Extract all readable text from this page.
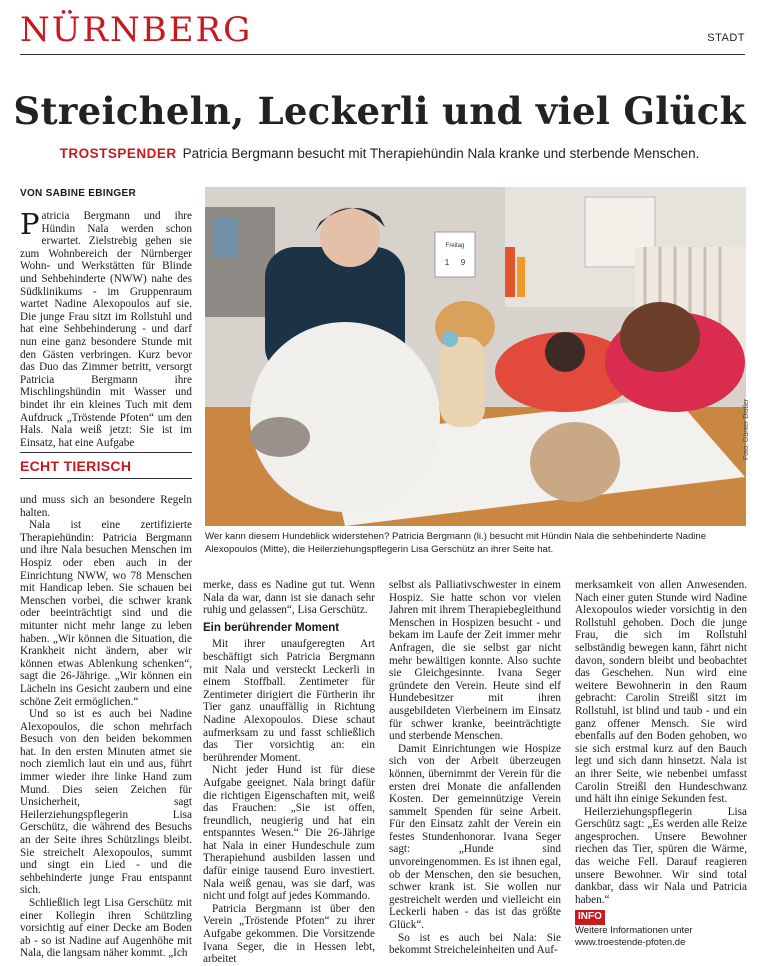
NÜRNBERG	STADT
Streicheln, Leckerli und viel Glück
TROSTSPENDER Patricia Bergmann besucht mit Therapiehündin Nala kranke und sterbende Menschen.
VON SABINE EBINGER

Patricia Bergmann und ihre Hündin Nala werden schon erwartet. Zielstrebig gehen sie zum Wohnbereich der Nürnberger Wohn- und Werkstätten für Blinde und Sehbehinderte (NWW) nahe des Südklinikums - im Gruppenraum wartet Nadine Alexopoulos auf sie. Die junge Frau sitzt im Rollstuhl und hat eine Sehbehinderung - und darf nun eine ganz besondere Stunde mit den Gästen verbringen. Kurz bevor das Duo das Zimmer betritt, versorgt Patricia Bergmann ihre Mischlingshündin mit Wasser und bindet ihr ein kleines Tuch mit dem Aufdruck „Tröstende Pfoten“ um den Hals. Nala weiß jetzt: Sie ist im Einsatz, hat eine Aufgabe

Freitag
1 9
Foto: Günter Distler
Wer kann diesem Hundeblick widerstehen? Patricia Bergmann (li.) besucht mit Hündin Nala die sehbehinderte Nadine Alexopoulos (Mitte), die Heilerziehungspflegerin Lisa Gerschütz an ihrer Seite hat.
ECHT TIERISCH

und muss sich an besondere Regeln halten.

Nala ist eine zertifizierte Therapiehündin: Patricia Bergmann und ihre Nala besuchen Menschen im Hospiz oder eben auch in der Einrichtung NWW, wo 78 Menschen mit Handicap leben. Sie schauen bei Menschen vorbei, die schwer krank oder beeinträchtigt sind und die mitunter nicht mehr lange zu leben haben. „Wir können die Situation, die Krankheit nicht ändern, aber wir können etwas Ablenkung schenken“, sagt die 26-Jährige. „Wir können ein Lächeln ins Gesicht zaubern und eine schöne Zeit ermöglichen.“

Und so ist es auch bei Nadine Alexopoulos, die schon mehrfach Besuch von den beiden bekommen hat. In den ersten Minuten atmet sie noch ziemlich laut ein und aus, führt immer wieder ihre linke Hand zum Mund. Dies seien Zeichen für Unsicherheit, sagt Heilerziehungspflegerin Lisa Gerschütz, die während des Besuchs an der Seite ihres Schützlings bleibt. Sie streichelt Alexopoulos, summt und singt ein Lied - und die sehbehinderte junge Frau entspannt sich.

Schließlich legt Lisa Gerschütz mit einer Kollegin ihren Schützling vorsichtig auf einer Decke am Boden ab - so ist Nadine auf Augenhöhe mit Nala, die langsam näher kommt. „Ich

merke, dass es Nadine gut tut. Wenn Nala da war, dann ist sie danach sehr ruhig und gelassen“, Lisa Gerschütz.

Ein berührender Moment

Mit ihrer unaufgeregten Art beschäftigt sich Patricia Bergmann mit Nala und versteckt Leckerli in einem Stoffball. Zentimeter für Zentimeter dirigiert die Fürtherin ihr Tier ganz unauffällig in Richtung Nadine Alexopoulos. Diese schaut aufmerksam zu und fasst schließlich das Tier vorsichtig an: ein berührender Moment.

Nicht jeder Hund ist für diese Aufgabe geeignet. Nala bringt dafür die richtigen Eigenschaften mit, weiß das Frauchen: „Sie ist offen, freundlich, neugierig und hat ein entspanntes Wesen.“ Die 26-Jährige hat Nala in einer Hundeschule zum Therapiehund ausbilden lassen und dafür einige tausend Euro investiert. Nala weiß genau, was sie darf, was nicht und folgt auf jedes Kommando.

Patricia Bergmann ist über den Verein „Tröstende Pfoten“ zu ihrer Aufgabe gekommen. Die Vorsitzende Ivana Seger, die in Hessen lebt, arbeitet

selbst als Palliativschwester in einem Hospiz. Sie hatte schon vor vielen Jahren mit ihrem Therapiebegleithund Menschen in Hospizen besucht - und bekam im Laufe der Zeit immer mehr Anfragen, die sie selbst gar nicht mehr bewältigen konnte. Also suchte sie Gleichgesinnte. Ivana Seger gründete den Verein. Heute sind elf Hundebesitzer mit ihren ausgebildeten Vierbeinern im Einsatz für schwer kranke, beeinträchtigte und sterbende Menschen.

Damit Einrichtungen wie Hospize sich von der Arbeit überzeugen können, übernimmt der Verein für die ersten drei Monate die anfallenden Kosten. Der gemeinnützige Verein sammelt Spenden für seine Arbeit. Für den Einsatz zahlt der Verein ein festes Stundenhonorar. Ivana Seger sagt: „Hunde sind unvoreingenommen. Es ist ihnen egal, ob der Menschen, den sie besuchen, schwer krank ist. Sie wollen nur gestreichelt werden und vielleicht ein Leckerli haben - das ist das größte Glück“.

So ist es auch bei Nala: Sie bekommt Streicheleinheiten und Auf-

merksamkeit von allen Anwesenden. Nach einer guten Stunde wird Nadine Alexopoulos wieder vorsichtig in den Rollstuhl gehoben. Doch die junge Frau, die sich im Rollstuhl selbständig bewegen kann, fährt nicht davon, sondern bleibt und beobachtet das Geschehen. Nun wird eine weitere Bewohnerin in den Raum gebracht: Carolin Streißl sitzt im Rollstuhl, ist blind und taub - und ein ganz offener Mensch. Sie wird ebenfalls auf den Boden gehoben, wo sie sich erstmal kurz auf den Bauch legt und sich dann hinsetzt. Nala ist an ihrer Seite, wie nebenbei umfasst Carolin Streißl den Hundeschwanz und hält ihn einige Sekunden fest.

Heilerziehungspflegerin Lisa Gerschütz sagt: „Es werden alle Reize angesprochen. Unsere Bewohner riechen das Tier, spüren die Wärme, das weiche Fell. Darauf reagieren unsere Bewohner. Wir sind total dankbar, dass wir Nala und Patricia haben.“

INFO
Weitere Informationen unter www.troestende-pfoten.de
